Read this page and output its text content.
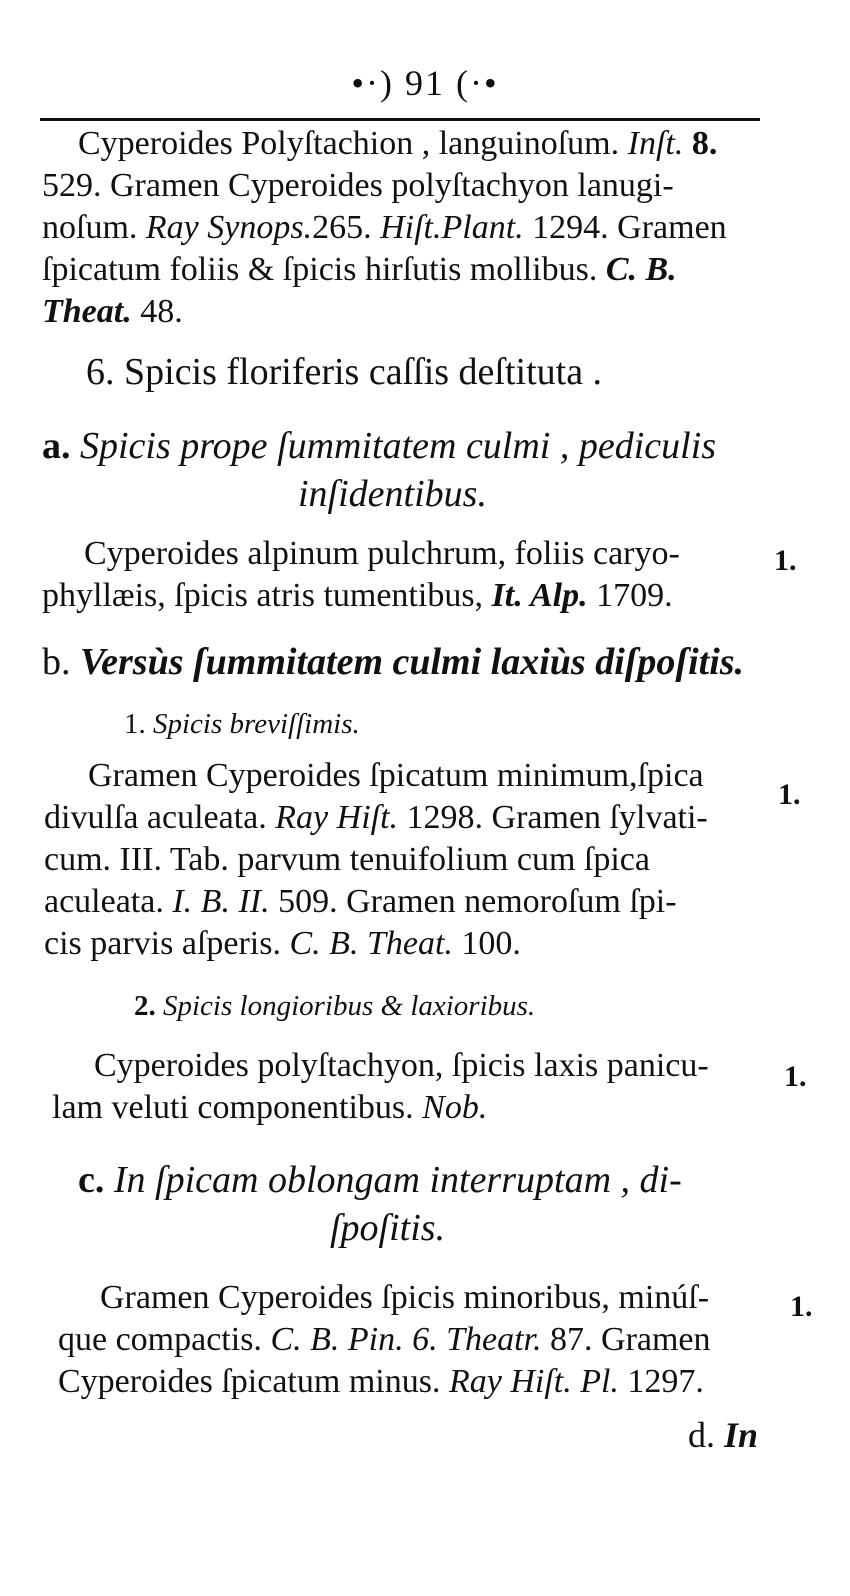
•·) 91 (·•
Cyperoides Polyſtachion , languinoſum. Inſt. 8.
529. Gramen Cyperoides polyſtachyon lanugi-
noſum. Ray Synops.265. Hiſt.Plant. 1294. Gramen
ſpicatum foliis & ſpicis hirſutis mollibus. C. B.
Theat. 48.
6. Spicis floriferis caſſis deſtituta .
a. Spicis prope ſummitatem culmi , pediculis
inſidentibus.
Cyperoides alpinum pulchrum, foliis caryo-
phyllæis, ſpicis atris tumentibus, It. Alp. 1709.
1.
b. Versùs ſummitatem culmi laxiùs diſpoſitis.
1. Spicis breviſſimis.
Gramen Cyperoides ſpicatum minimum,ſpica
divulſa aculeata. Ray Hiſt. 1298. Gramen ſylvati-
cum. III. Tab. parvum tenuifolium cum ſpica
aculeata. I. B. II. 509. Gramen nemoroſum ſpi-
cis parvis aſperis. C. B. Theat. 100.
1.
2. Spicis longioribus & laxioribus.
Cyperoides polyſtachyon, ſpicis laxis panicu-
lam veluti componentibus. Nob.
1.
c. In ſpicam oblongam interruptam , di-
ſpoſitis.
Gramen Cyperoides ſpicis minoribus, minúſ-
que compactis. C. B. Pin. 6. Theatr. 87. Gramen
Cyperoides ſpicatum minus. Ray Hiſt. Pl. 1297.
1.
d. In
